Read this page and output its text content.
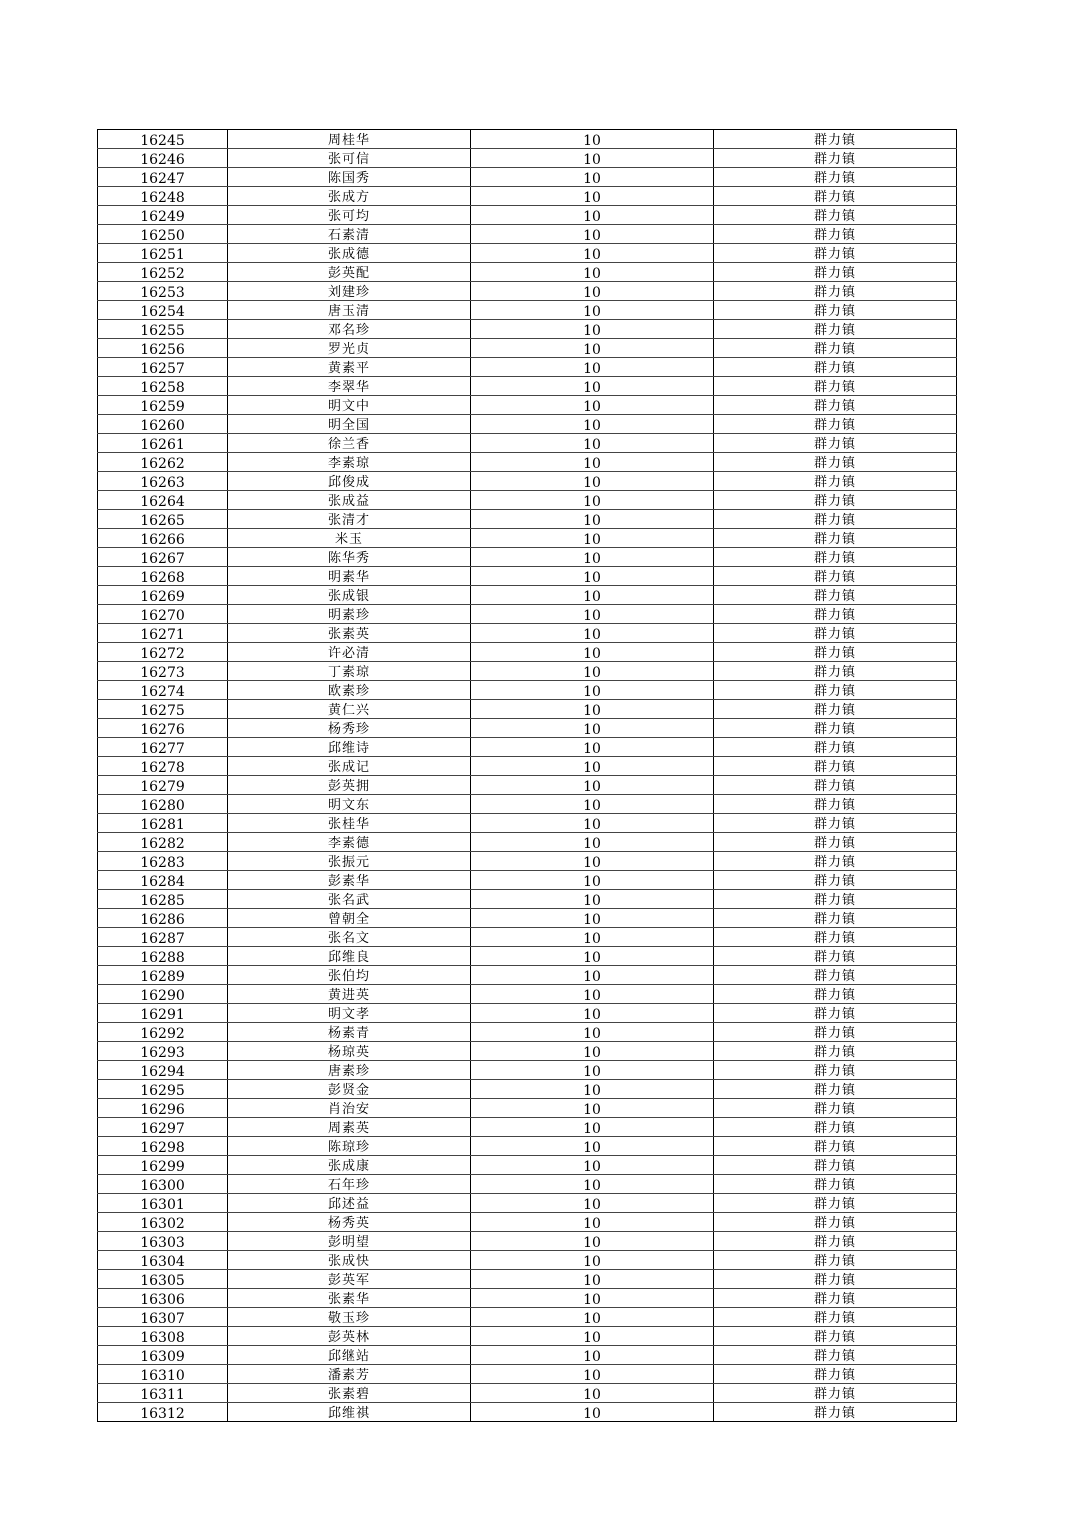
16245	周桂华	10	群力镇
16246	张可信	10	群力镇
16247	陈国秀	10	群力镇
16248	张成方	10	群力镇
16249	张可均	10	群力镇
16250	石素清	10	群力镇
16251	张成德	10	群力镇
16252	彭英配	10	群力镇
16253	刘建珍	10	群力镇
16254	唐玉清	10	群力镇
16255	邓名珍	10	群力镇
16256	罗光贞	10	群力镇
16257	黄素平	10	群力镇
16258	李翠华	10	群力镇
16259	明文中	10	群力镇
16260	明全国	10	群力镇
16261	徐兰香	10	群力镇
16262	李素琼	10	群力镇
16263	邱俊成	10	群力镇
16264	张成益	10	群力镇
16265	张清才	10	群力镇
16266	米玉	10	群力镇
16267	陈华秀	10	群力镇
16268	明素华	10	群力镇
16269	张成银	10	群力镇
16270	明素珍	10	群力镇
16271	张素英	10	群力镇
16272	许必清	10	群力镇
16273	丁素琼	10	群力镇
16274	欧素珍	10	群力镇
16275	黄仁兴	10	群力镇
16276	杨秀珍	10	群力镇
16277	邱维诗	10	群力镇
16278	张成记	10	群力镇
16279	彭英拥	10	群力镇
16280	明文东	10	群力镇
16281	张桂华	10	群力镇
16282	李素德	10	群力镇
16283	张振元	10	群力镇
16284	彭素华	10	群力镇
16285	张名武	10	群力镇
16286	曾朝全	10	群力镇
16287	张名文	10	群力镇
16288	邱维良	10	群力镇
16289	张伯均	10	群力镇
16290	黄进英	10	群力镇
16291	明文孝	10	群力镇
16292	杨素青	10	群力镇
16293	杨琼英	10	群力镇
16294	唐素珍	10	群力镇
16295	彭贤金	10	群力镇
16296	肖治安	10	群力镇
16297	周素英	10	群力镇
16298	陈琼珍	10	群力镇
16299	张成康	10	群力镇
16300	石年珍	10	群力镇
16301	邱述益	10	群力镇
16302	杨秀英	10	群力镇
16303	彭明望	10	群力镇
16304	张成快	10	群力镇
16305	彭英军	10	群力镇
16306	张素华	10	群力镇
16307	敬玉珍	10	群力镇
16308	彭英林	10	群力镇
16309	邱继站	10	群力镇
16310	潘素芳	10	群力镇
16311	张素碧	10	群力镇
16312	邱维祺	10	群力镇
